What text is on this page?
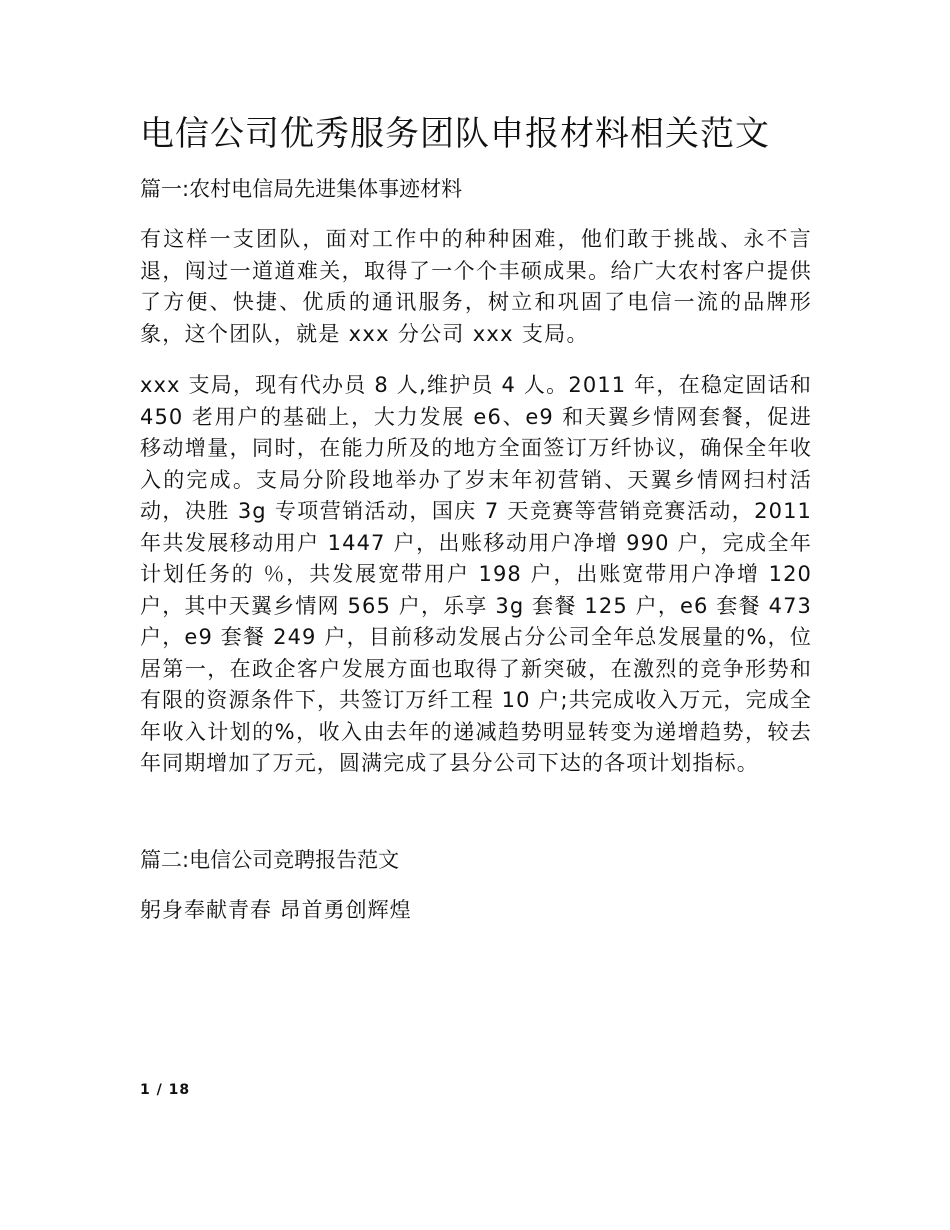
电信公司优秀服务团队申报材料相关范文
篇一:农村电信局先进集体事迹材料

有这样一支团队，面对工作中的种种困难，他们敢于挑战、永不言退，闯过一道道难关，取得了一个个丰硕成果。给广大农村客户提供了方便、快捷、优质的通讯服务，树立和巩固了电信一流的品牌形象，这个团队，就是 xxx 分公司 xxx 支局。

xxx 支局，现有代办员 8 人,维护员 4 人。2011 年，在稳定固话和 450 老用户的基础上，大力发展 e6、e9 和天翼乡情网套餐，促进移动增量，同时，在能力所及的地方全面签订万纤协议，确保全年收入的完成。支局分阶段地举办了岁末年初营销、天翼乡情网扫村活动，决胜 3g 专项营销活动，国庆 7 天竞赛等营销竞赛活动，2011 年共发展移动用户 1447 户，出账移动用户净增 990 户，完成全年计划任务的 ％，共发展宽带用户 198 户，出账宽带用户净增 120 户，其中天翼乡情网 565 户，乐享 3g 套餐 125 户，e6 套餐 473 户，e9 套餐 249 户，目前移动发展占分公司全年总发展量的%，位居第一，在政企客户发展方面也取得了新突破，在激烈的竞争形势和有限的资源条件下，共签订万纤工程 10 户;共完成收入万元，完成全年收入计划的%，收入由去年的递减趋势明显转变为递增趋势，较去年同期增加了万元，圆满完成了县分公司下达的各项计划指标。

篇二:电信公司竞聘报告范文

躬身奉献青春 昂首勇创辉煌

1 / 18
